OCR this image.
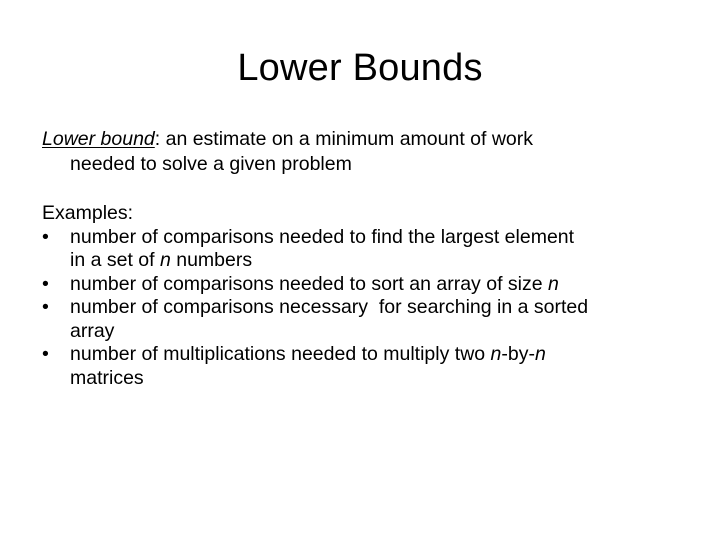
Lower Bounds
Lower bound: an estimate on a minimum amount of work
needed to solve a given problem
Examples:
•	number of comparisons needed to find the largest element
in a set of n numbers
•	number of comparisons needed to sort an array of size n
•	number of comparisons necessary  for searching in a sorted
array
•	number of multiplications needed to multiply two n-by-n
matrices
